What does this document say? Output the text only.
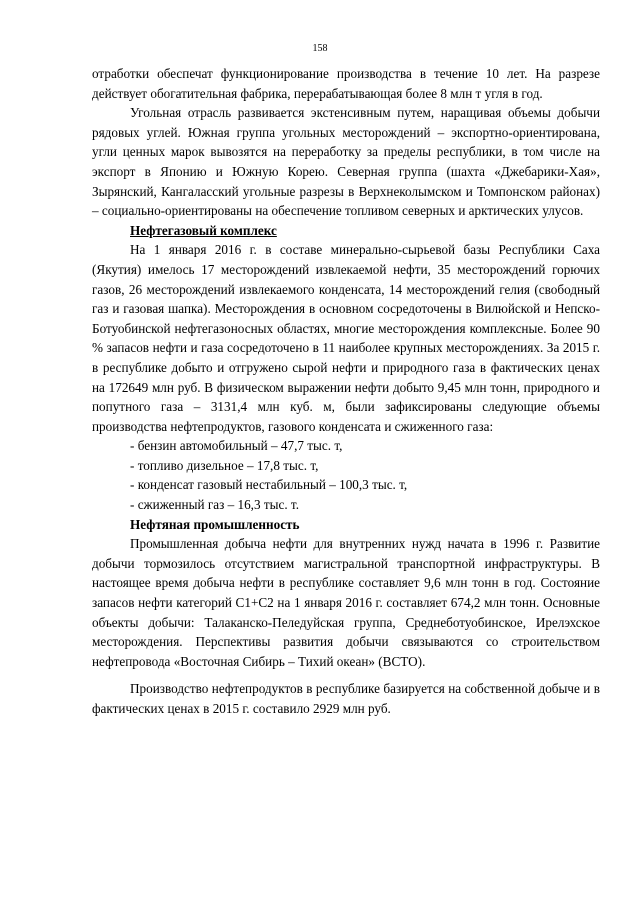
158

отработки обеспечат функционирование производства в течение 10 лет. На разрезе действует обогатительная фабрика, перерабатывающая более 8 млн т угля в год.

Угольная отрасль развивается экстенсивным путем, наращивая объемы добычи рядовых углей. Южная группа угольных месторождений – экспортно-ориентирована, угли ценных марок вывозятся на переработку за пределы республики, в том числе на экспорт в Японию и Южную Корею. Северная группа (шахта «Джебарики-Хая», Зырянский, Кангаласский угольные разрезы в Верхнеколымском и Томпонском районах) – социально-ориентированы на обеспечение топливом северных и арктических улусов.

Нефтегазовый комплекс

На 1 января 2016 г. в составе минерально-сырьевой базы Республики Саха (Якутия) имелось 17 месторождений извлекаемой нефти, 35 месторождений горючих газов, 26 месторождений извлекаемого конденсата, 14 месторождений гелия (свободный газ и газовая шапка). Месторождения в основном сосредоточены в Вилюйской и Непско-Ботуобинской нефтегазоносных областях, многие месторождения комплексные. Более 90 % запасов нефти и газа сосредоточено в 11 наиболее крупных месторождениях. За 2015 г. в республике добыто и отгружено сырой нефти и природного газа в фактических ценах на 172649 млн руб. В физическом выражении нефти добыто 9,45 млн тонн, природного и попутного газа – 3131,4 млн куб. м, были зафиксированы следующие объемы производства нефтепродуктов, газового конденсата и сжиженного газа:

- бензин автомобильный – 47,7 тыс. т,

- топливо дизельное – 17,8 тыс. т,

- конденсат газовый нестабильный – 100,3 тыс. т,

- сжиженный газ – 16,3 тыс. т.

Нефтяная промышленность

Промышленная добыча нефти для внутренних нужд начата в 1996 г. Развитие добычи тормозилось отсутствием магистральной транспортной инфраструктуры. В настоящее время добыча нефти в республике составляет 9,6 млн тонн в год. Состояние запасов нефти категорий С1+С2 на 1 января 2016 г. составляет 674,2 млн тонн. Основные объекты добычи: Талаканско-Пеледуйская группа, Среднеботуобинское, Ирелэхское месторождения. Перспективы развития добычи связываются со строительством нефтепровода «Восточная Сибирь – Тихий океан» (ВСТО).

Производство нефтепродуктов в республике базируется на собственной добыче и в фактических ценах в 2015 г. составило 2929 млн руб.
